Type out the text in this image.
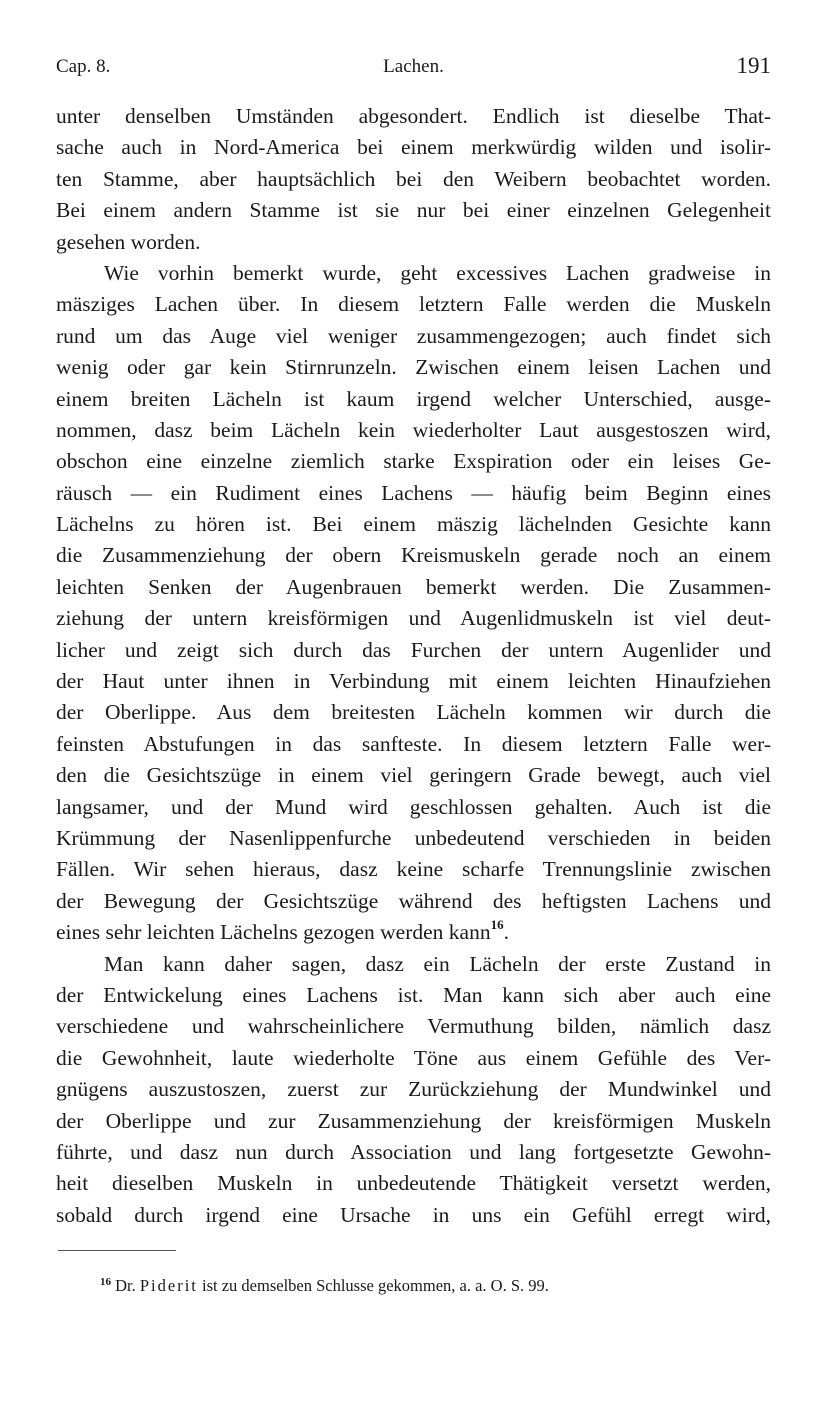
Cap. 8.	Lachen.	191
unter denselben Umständen abgesondert. Endlich ist dieselbe That-
sache auch in Nord-America bei einem merkwürdig wilden und isolir-
ten Stamme, aber hauptsächlich bei den Weibern beobachtet worden.
Bei einem andern Stamme ist sie nur bei einer einzelnen Gelegenheit
gesehen worden.
Wie vorhin bemerkt wurde, geht excessives Lachen gradweise in
mäsziges Lachen über. In diesem letztern Falle werden die Muskeln
rund um das Auge viel weniger zusammengezogen; auch findet sich
wenig oder gar kein Stirnrunzeln. Zwischen einem leisen Lachen und
einem breiten Lächeln ist kaum irgend welcher Unterschied, ausge-
nommen, dasz beim Lächeln kein wiederholter Laut ausgestoszen wird,
obschon eine einzelne ziemlich starke Exspiration oder ein leises Ge-
räusch — ein Rudiment eines Lachens — häufig beim Beginn eines
Lächelns zu hören ist. Bei einem mäszig lächelnden Gesichte kann
die Zusammenziehung der obern Kreismuskeln gerade noch an einem
leichten Senken der Augenbrauen bemerkt werden. Die Zusammen-
ziehung der untern kreisförmigen und Augenlidmuskeln ist viel deut-
licher und zeigt sich durch das Furchen der untern Augenlider und
der Haut unter ihnen in Verbindung mit einem leichten Hinaufziehen
der Oberlippe. Aus dem breitesten Lächeln kommen wir durch die
feinsten Abstufungen in das sanfteste. In diesem letztern Falle wer-
den die Gesichtszüge in einem viel geringern Grade bewegt, auch viel
langsamer, und der Mund wird geschlossen gehalten. Auch ist die
Krümmung der Nasenlippenfurche unbedeutend verschieden in beiden
Fällen. Wir sehen hieraus, dasz keine scharfe Trennungslinie zwischen
der Bewegung der Gesichtszüge während des heftigsten Lachens und
eines sehr leichten Lächelns gezogen werden kann$^{16}$.
Man kann daher sagen, dasz ein Lächeln der erste Zustand in
der Entwickelung eines Lachens ist. Man kann sich aber auch eine
verschiedene und wahrscheinlichere Vermuthung bilden, nämlich dasz
die Gewohnheit, laute wiederholte Töne aus einem Gefühle des Ver-
gnügens auszustoszen, zuerst zur Zurückziehung der Mundwinkel und
der Oberlippe und zur Zusammenziehung der kreisförmigen Muskeln
führte, und dasz nun durch Association und lang fortgesetzte Gewohn-
heit dieselben Muskeln in unbedeutende Thätigkeit versetzt werden,
sobald durch irgend eine Ursache in uns ein Gefühl erregt wird,
$^{16}$ Dr. Piderit ist zu demselben Schlusse gekommen, a. a. O. S. 99.
